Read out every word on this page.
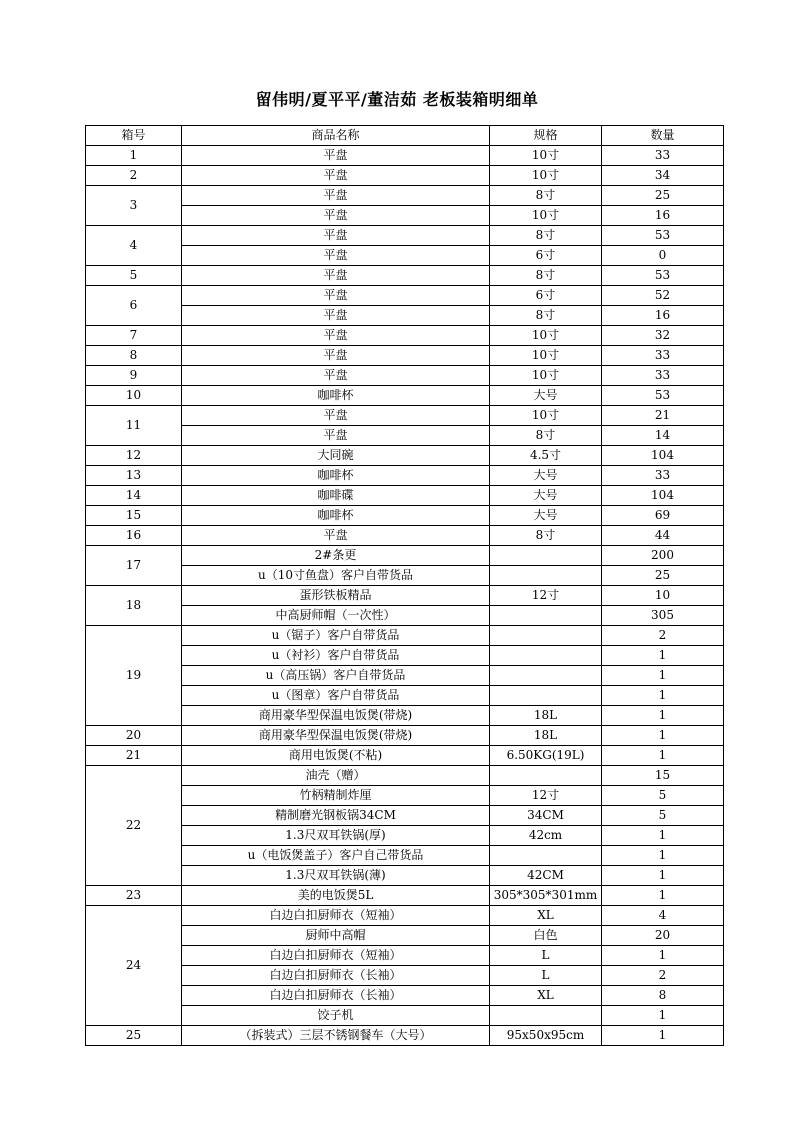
留伟明/夏平平/董洁茹 老板装箱明细单
箱号	商品名称	规格	数量
1	平盘	10寸	33
2	平盘	10寸	34
3	平盘	8寸	25
	平盘	10寸	16
4	平盘	8寸	53
	平盘	6寸	0
5	平盘	8寸	53
6	平盘	6寸	52
	平盘	8寸	16
7	平盘	10寸	32
8	平盘	10寸	33
9	平盘	10寸	33
10	咖啡杯	大号	53
11	平盘	10寸	21
	平盘	8寸	14
12	大同碗	4.5寸	104
13	咖啡杯	大号	33
14	咖啡碟	大号	104
15	咖啡杯	大号	69
16	平盘	8寸	44
17	2#条更		200
	u（10寸鱼盘）客户自带货品		25
18	蛋形铁板精品	12寸	10
	中高厨师帽（一次性）		305
19	u（锯子）客户自带货品		2
	u（衬衫）客户自带货品		1
	u（高压锅）客户自带货品		1
	u（图章）客户自带货品		1
	商用豪华型保温电饭煲(带烧)	18L	1
20	商用豪华型保温电饭煲(带烧)	18L	1
21	商用电饭煲(不粘)	6.50KG(19L)	1
22	油壳（赠）		15
	竹柄精制炸厘	12寸	5
	精制磨光钢板锅34CM	34CM	5
	1.3尺双耳铁锅(厚)	42cm	1
	u（电饭煲盖子）客户自己带货品		1
	1.3尺双耳铁锅(薄)	42CM	1
23	美的电饭煲5L	305*305*301mm	1
24	白边白扣厨师衣（短袖）	XL	4
	厨师中高帽	白色	20
	白边白扣厨师衣（短袖）	L	1
	白边白扣厨师衣（长袖）	L	2
	白边白扣厨师衣（长袖）	XL	8
	饺子机		1
25	（拆装式）三层不锈钢餐车（大号）	95x50x95cm	1
